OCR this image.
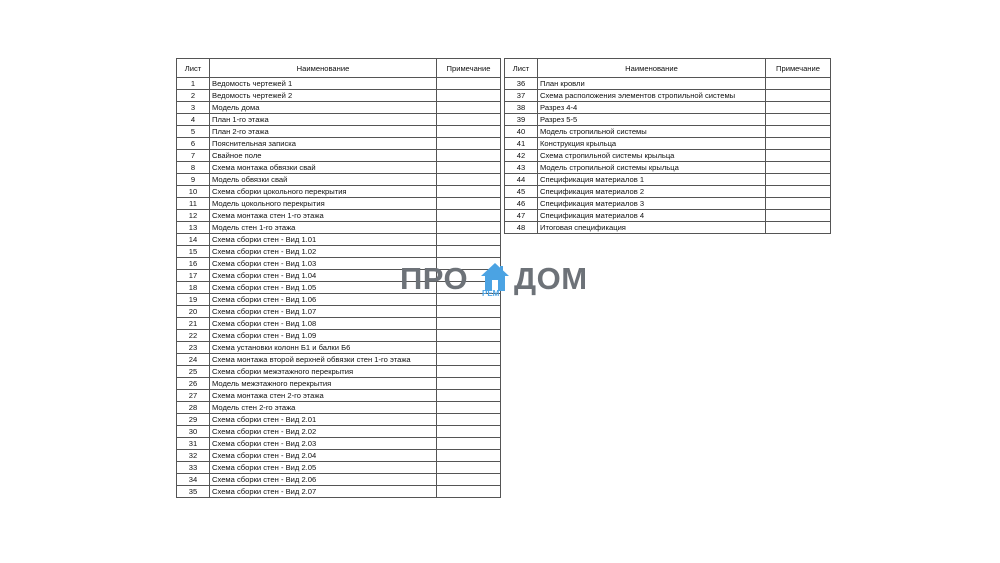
Лист	Наименование	Примечание
1	Ведомость чертежей 1	
2	Ведомость чертежей 2	
3	Модель дома	
4	План 1-го этажа	
5	План 2-го этажа	
6	Пояснительная записка	
7	Свайное поле	
8	Схема монтажа обвязки свай	
9	Модель обвязки свай	
10	Схема сборки цокольного перекрытия	
11	Модель цокольного перекрытия	
12	Схема монтажа стен 1-го этажа	
13	Модель стен 1-го этажа	
14	Схема сборки стен - Вид 1.01	
15	Схема сборки стен - Вид 1.02	
16	Схема сборки стен - Вид 1.03	
17	Схема сборки стен - Вид 1.04	
18	Схема сборки стен - Вид 1.05	
19	Схема сборки стен - Вид 1.06	
20	Схема сборки стен - Вид 1.07	
21	Схема сборки стен - Вид 1.08	
22	Схема сборки стен - Вид 1.09	
23	Схема установки колонн Б1 и балки Б6	
24	Схема монтажа второй верхней обвязки стен 1-го этажа	
25	Схема сборки межэтажного перекрытия	
26	Модель межэтажного перекрытия	
27	Схема монтажа стен 2-го этажа	
28	Модель стен 2-го этажа	
29	Схема сборки стен - Вид 2.01	
30	Схема сборки стен - Вид 2.02	
31	Схема сборки стен - Вид 2.03	
32	Схема сборки стен - Вид 2.04	
33	Схема сборки стен - Вид 2.05	
34	Схема сборки стен - Вид 2.06	
35	Схема сборки стен - Вид 2.07	
Лист	Наименование	Примечание
36	План кровли	
37	Схема расположения элементов стропильной системы	
38	Разрез 4-4	
39	Разрез 5-5	
40	Модель стропильной системы	
41	Конструкция крыльца	
42	Схема стропильной системы крыльца	
43	Модель стропильной системы крыльца	
44	Спецификация материалов 1	
45	Спецификация материалов 2	
46	Спецификация материалов 3	
47	Спецификация материалов 4	
48	Итоговая спецификация	
ПРО РЕМ ДОМ
